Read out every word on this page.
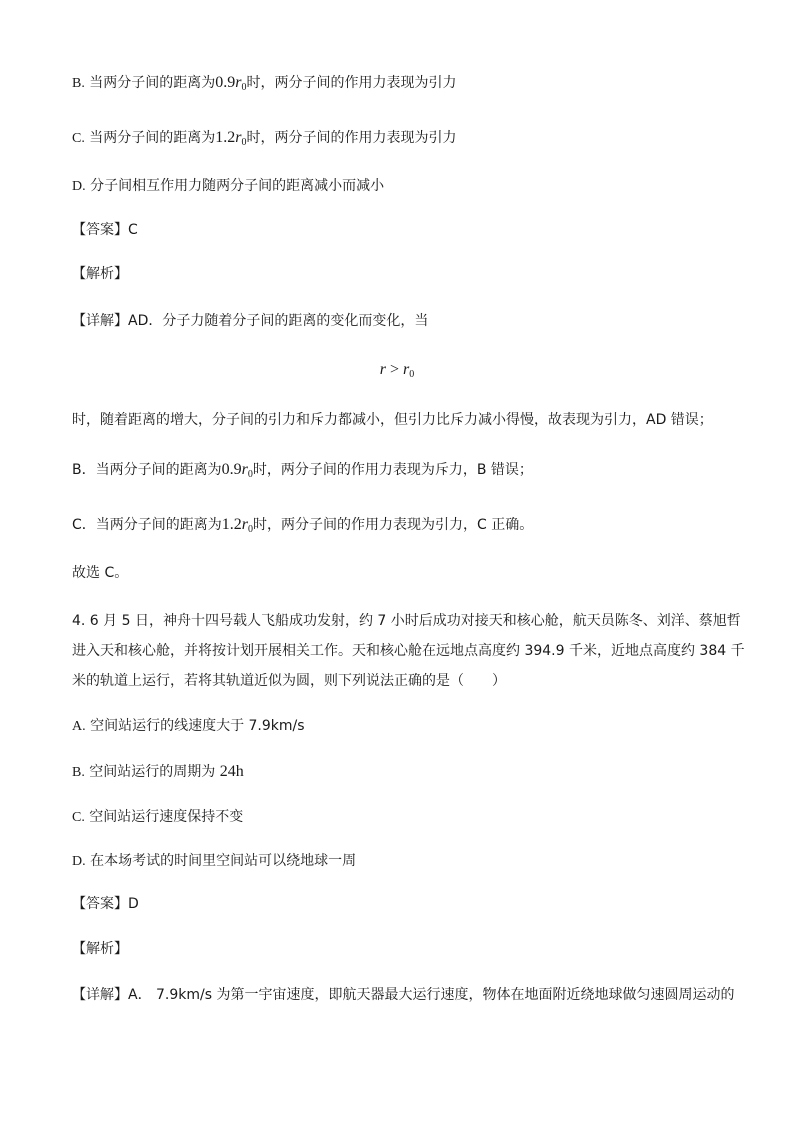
B. 当两分子间的距离为$0.9r_0$时，两分子间的作用力表现为引力
C. 当两分子间的距离为$1.2r_0$时，两分子间的作用力表现为引力
D. 分子间相互作用力随两分子间的距离减小而减小
【答案】C
【解析】
【详解】AD．分子力随着分子间的距离的变化而变化，当
$r > r_0$
时，随着距离的增大，分子间的引力和斥力都减小，但引力比斥力减小得慢，故表现为引力，AD 错误；
B．当两分子间的距离为$0.9r_0$时，两分子间的作用力表现为斥力，B 错误；
C．当两分子间的距离为$1.2r_0$时，两分子间的作用力表现为引力，C 正确。
故选 C。
4. 6 月 5 日，神舟十四号载人飞船成功发射，约 7 小时后成功对接天和核心舱，航天员陈冬、刘洋、蔡旭哲
进入天和核心舱，并将按计划开展相关工作。天和核心舱在远地点高度约 394.9 千米，近地点高度约 384 千
米的轨道上运行，若将其轨道近似为圆，则下列说法正确的是（　　）
A. 空间站运行的线速度大于 7.9km/s
B. 空间站运行的周期为 24h
C. 空间站运行速度保持不变
D. 在本场考试的时间里空间站可以绕地球一周
【答案】D
【解析】
【详解】A． 7.9km/s 为第一宇宙速度，即航天器最大运行速度，物体在地面附近绕地球做匀速圆周运动的
